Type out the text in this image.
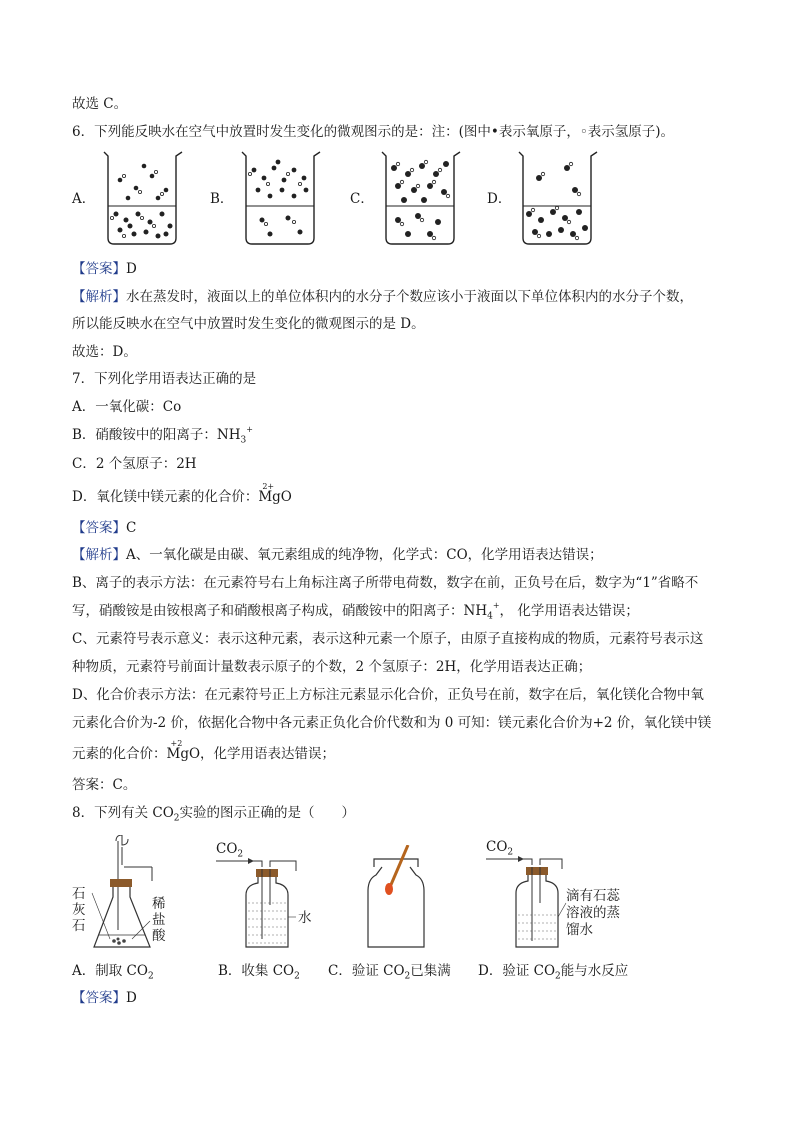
故选 C。
6．下列能反映水在空气中放置时发生变化的微观图示的是：注：(图中•表示氧原子，◦表示氢原子)。
A．	B．	C．	D．
【答案】D
【解析】水在蒸发时，液面以上的单位体积内的水分子个数应该小于液面以下单位体积内的水分子个数，
所以能反映水在空气中放置时发生变化的微观图示的是 D。
故选：D。
7．下列化学用语表达正确的是
A．一氧化碳：Co
B．硝酸铵中的阳离子：$NH_3^+$
C．2 个氢原子：2H
D．氧化镁中镁元素的化合价：
2+
MgO
【答案】C
【解析】A、一氧化碳是由碳、氧元素组成的纯净物，化学式：CO，化学用语表达错误；
B、离子的表示方法：在元素符号右上角标注离子所带电荷数，数字在前，正负号在后，数字为“1”省略不
写，硝酸铵是由铵根离子和硝酸根离子构成，硝酸铵中的阳离子：$NH_4^+$， 化学用语表达错误；
C、元素符号表示意义：表示这种元素，表示这种元素一个原子，由原子直接构成的物质，元素符号表示这
种物质，元素符号前面计量数表示原子的个数，2 个氢原子：2H，化学用语表达正确；
D、化合价表示方法：在元素符号正上方标注元素显示化合价，正负号在前，数字在后，氧化镁化合物中氧
元素化合价为-2 价，依据化合物中各元素正负化合价代数和为 0 可知：镁元素化合价为+2 价，氧化镁中镁
元素的化合价：
+2
MgO，化学用语表达错误；
答案：C。
8．下列有关 $CO_2$实验的图示正确的是（　　）
石
灰
石
稀
盐
酸
$CO_2$
水
$CO_2$
滴有石蕊
溶液的蒸
馏水
A．制取 $CO_2$	B．收集 $CO_2$ C．验证 $CO_2$已集满 D．验证 $CO_2$能与水反应
【答案】D
